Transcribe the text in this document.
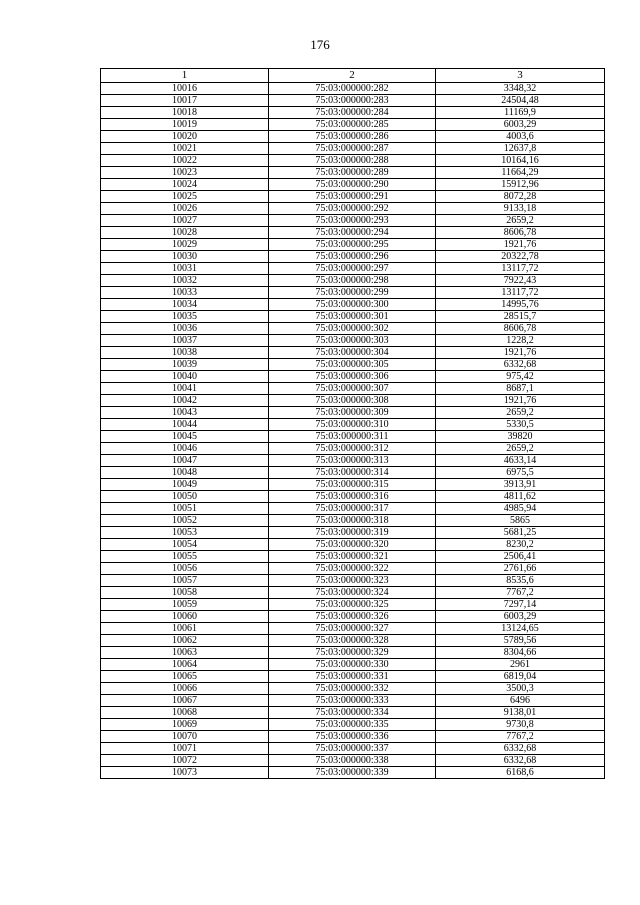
176
1	2	3
10016	75:03:000000:282	3348,32
10017	75:03:000000:283	24504,48
10018	75:03:000000:284	11169,9
10019	75:03:000000:285	6003,29
10020	75:03:000000:286	4003,6
10021	75:03:000000:287	12637,8
10022	75:03:000000:288	10164,16
10023	75:03:000000:289	11664,29
10024	75:03:000000:290	15912,96
10025	75:03:000000:291	8072,28
10026	75:03:000000:292	9133,18
10027	75:03:000000:293	2659,2
10028	75:03:000000:294	8606,78
10029	75:03:000000:295	1921,76
10030	75:03:000000:296	20322,78
10031	75:03:000000:297	13117,72
10032	75:03:000000:298	7922,43
10033	75:03:000000:299	13117,72
10034	75:03:000000:300	14995,76
10035	75:03:000000:301	28515,7
10036	75:03:000000:302	8606,78
10037	75:03:000000:303	1228,2
10038	75:03:000000:304	1921,76
10039	75:03:000000:305	6332,68
10040	75:03:000000:306	975,42
10041	75:03:000000:307	8687,1
10042	75:03:000000:308	1921,76
10043	75:03:000000:309	2659,2
10044	75:03:000000:310	5330,5
10045	75:03:000000:311	39820
10046	75:03:000000:312	2659,2
10047	75:03:000000:313	4633,14
10048	75:03:000000:314	6975,5
10049	75:03:000000:315	3913,91
10050	75:03:000000:316	4811,62
10051	75:03:000000:317	4985,94
10052	75:03:000000:318	5865
10053	75:03:000000:319	5681,25
10054	75:03:000000:320	8230,2
10055	75:03:000000:321	2506,41
10056	75:03:000000:322	2761,66
10057	75:03:000000:323	8535,6
10058	75:03:000000:324	7767,2
10059	75:03:000000:325	7297,14
10060	75:03:000000:326	6003,29
10061	75:03:000000:327	13124,65
10062	75:03:000000:328	5789,56
10063	75:03:000000:329	8304,66
10064	75:03:000000:330	2961
10065	75:03:000000:331	6819,04
10066	75:03:000000:332	3500,3
10067	75:03:000000:333	6496
10068	75:03:000000:334	9138,01
10069	75:03:000000:335	9730,8
10070	75:03:000000:336	7767,2
10071	75:03:000000:337	6332,68
10072	75:03:000000:338	6332,68
10073	75:03:000000:339	6168,6
